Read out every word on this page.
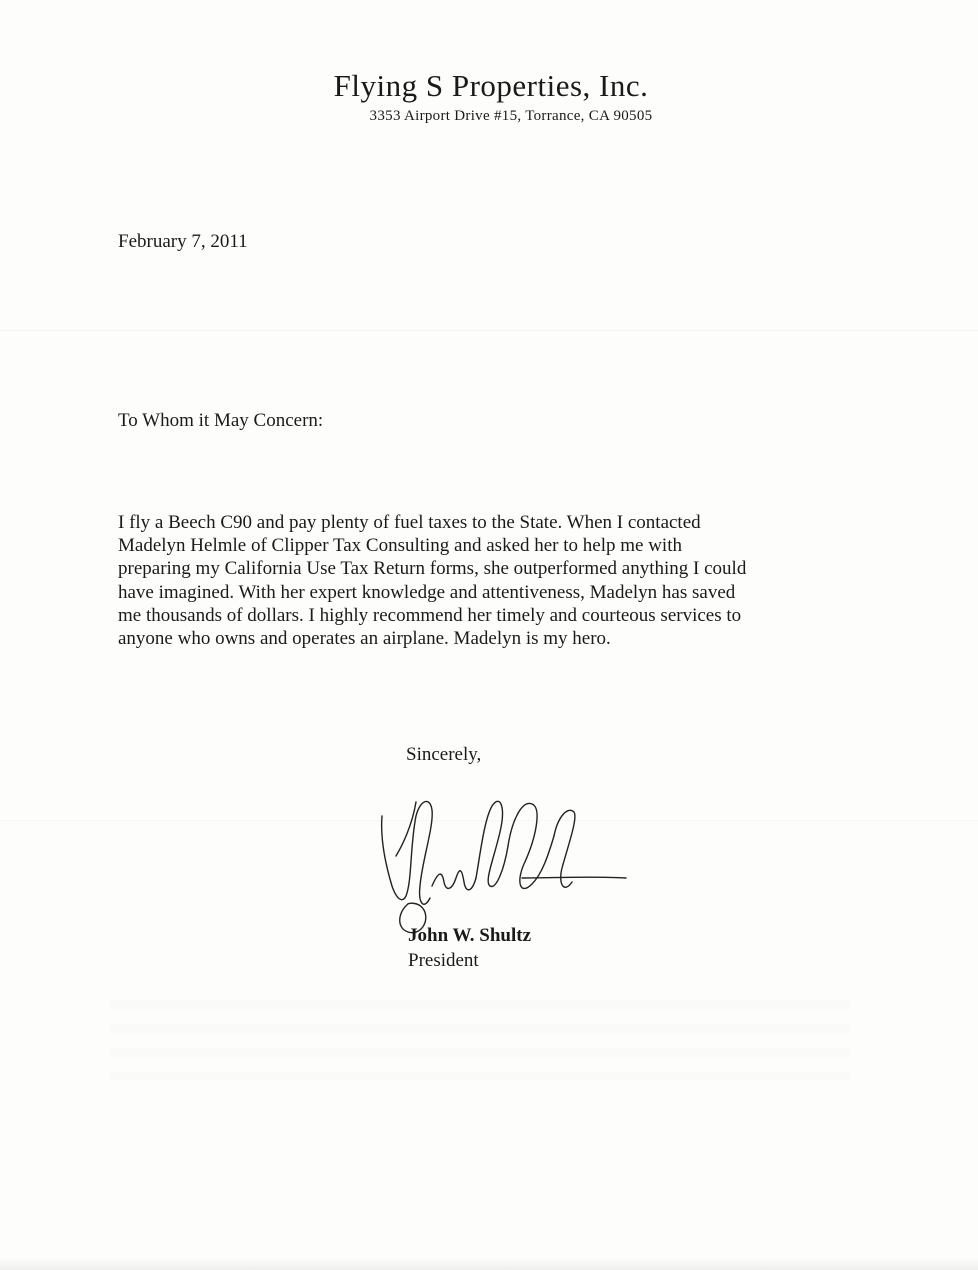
Flying S Properties, Inc.
3353 Airport Drive #15, Torrance, CA 90505
February 7, 2011
To Whom it May Concern:
I fly a Beech C90 and pay plenty of fuel taxes to the State. When I contacted
Madelyn Helmle of Clipper Tax Consulting and asked her to help me with
preparing my California Use Tax Return forms, she outperformed anything I could
have imagined. With her expert knowledge and attentiveness, Madelyn has saved
me thousands of dollars. I highly recommend her timely and courteous services to
anyone who owns and operates an airplane. Madelyn is my hero.
Sincerely,
John W. Shultz
President
